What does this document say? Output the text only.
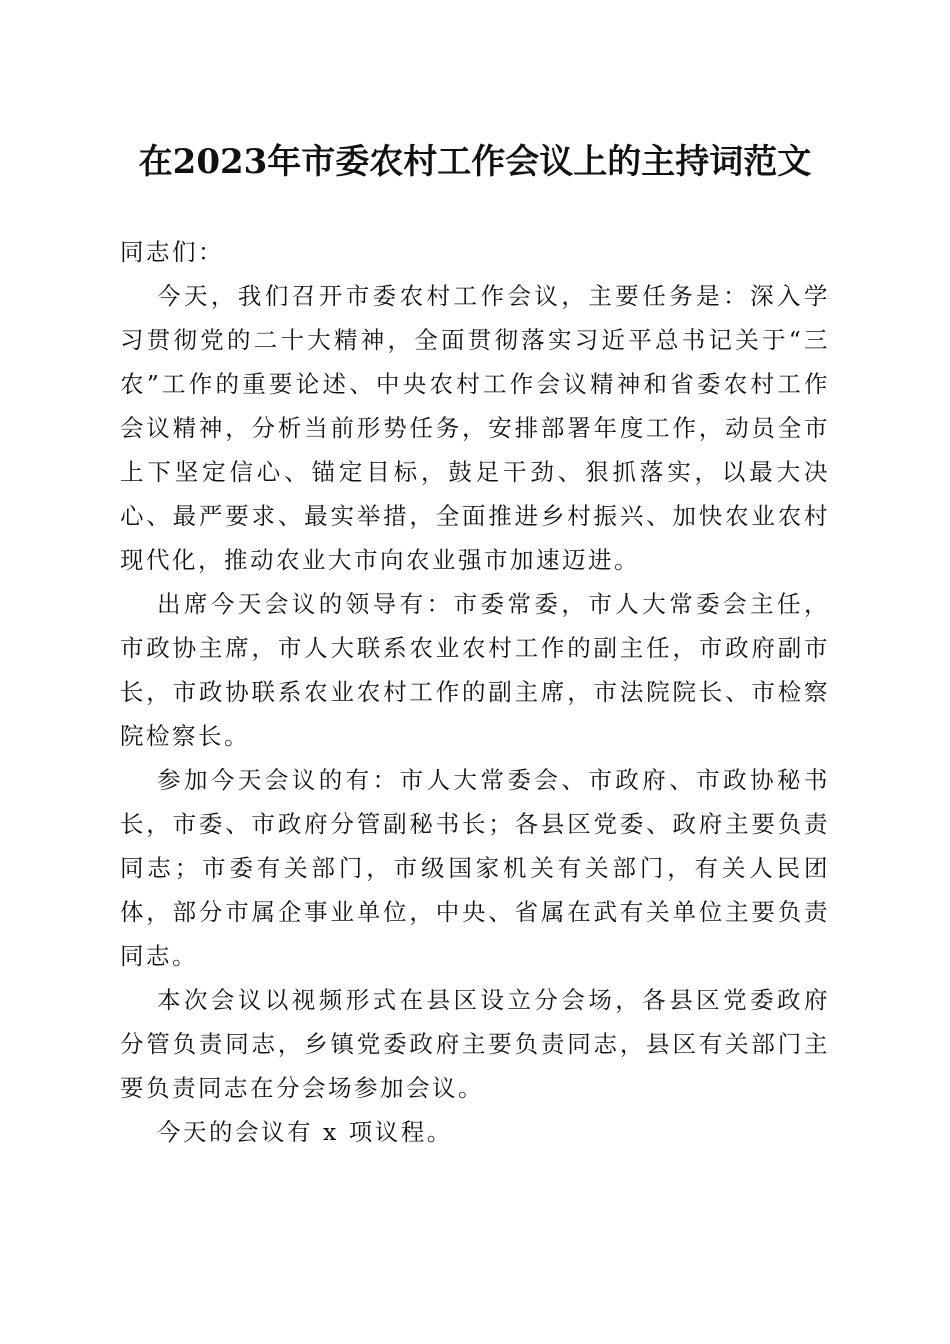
在2023年市委农村工作会议上的主持词范文

同志们：

今天，我们召开市委农村工作会议，主要任务是：深入学习贯彻党的二十大精神，全面贯彻落实习近平总书记关于“三农”工作的重要论述、中央农村工作会议精神和省委农村工作会议精神，分析当前形势任务，安排部署年度工作，动员全市上下坚定信心、锚定目标，鼓足干劲、狠抓落实，以最大决心、最严要求、最实举措，全面推进乡村振兴、加快农业农村现代化，推动农业大市向农业强市加速迈进。

出席今天会议的领导有：市委常委，市人大常委会主任，市政协主席，市人大联系农业农村工作的副主任，市政府副市长，市政协联系农业农村工作的副主席，市法院院长、市检察院检察长。

参加今天会议的有：市人大常委会、市政府、市政协秘书长，市委、市政府分管副秘书长；各县区党委、政府主要负责同志；市委有关部门，市级国家机关有关部门，有关人民团体，部分市属企事业单位，中央、省属在武有关单位主要负责同志。

本次会议以视频形式在县区设立分会场，各县区党委政府分管负责同志，乡镇党委政府主要负责同志，县区有关部门主要负责同志在分会场参加会议。

今天的会议有 x 项议程。
